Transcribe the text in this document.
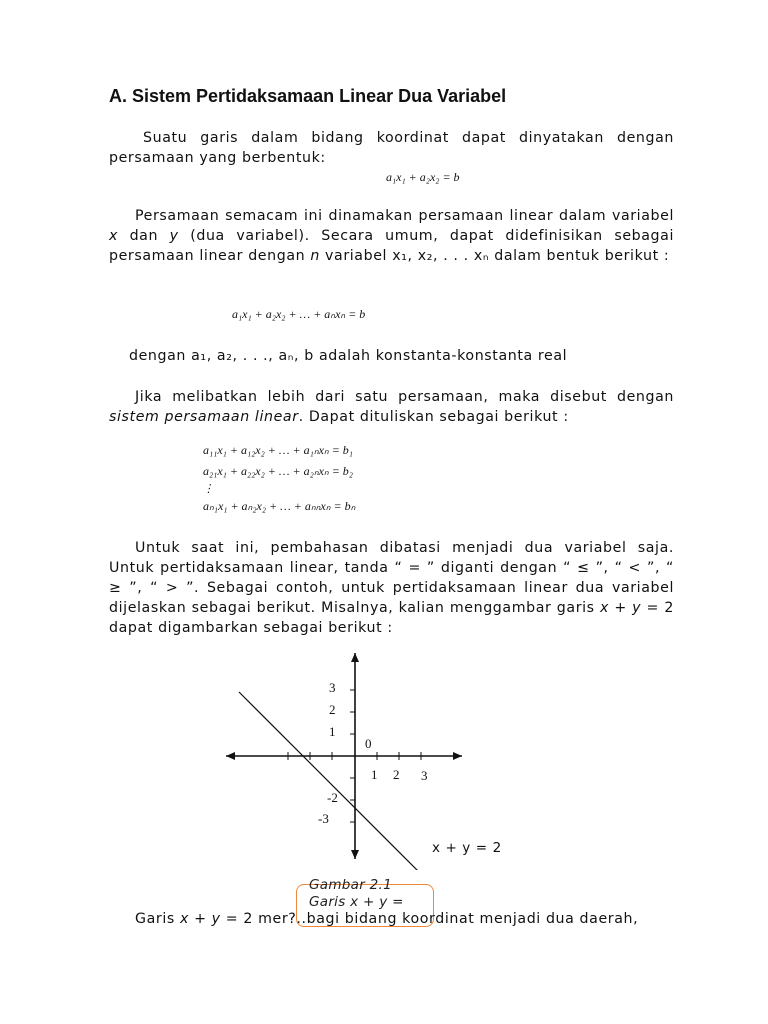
A. Sistem Pertidaksamaan Linear Dua Variabel
Suatu garis dalam bidang koordinat dapat dinyatakan dengan persamaan yang berbentuk:
a₁x₁ + a₂x₂ = b
Persamaan semacam ini dinamakan persamaan linear dalam variabel x dan y (dua variabel). Secara umum, dapat didefinisikan sebagai persamaan linear dengan n variabel x₁, x₂, . . . xₙ dalam bentuk berikut :
a₁x₁ + a₂x₂ + … + aₙxₙ = b
dengan a₁, a₂, . . ., aₙ, b adalah konstanta-konstanta real
Jika melibatkan lebih dari satu persamaan, maka disebut dengan sistem persamaan linear. Dapat dituliskan sebagai berikut :
a₁₁x₁ + a₁₂x₂ + … + a₁ₙxₙ = b₁
a₂₁x₁ + a₂₂x₂ + … + a₂ₙxₙ = b₂
⋮
aₙ₁x₁ + aₙ₂x₂ + … + aₙₙxₙ = bₙ
Untuk saat ini, pembahasan dibatasi menjadi dua variabel saja. Untuk pertidaksamaan linear, tanda “ = ” diganti dengan “ ≤ ”, “ < ”, “ ≥ ”, “ > ”. Sebagai contoh, untuk pertidaksamaan linear dua variabel dijelaskan sebagai berikut. Misalnya, kalian menggambar garis x + y = 2 dapat digambarkan sebagai berikut :
3
2
1
0
1 2 3
-2
-3
x + y = 2
Gambar 2.1
Garis x + y =
Garis x + y = 2 mer?..bagi bidang koordinat menjadi dua daerah,
